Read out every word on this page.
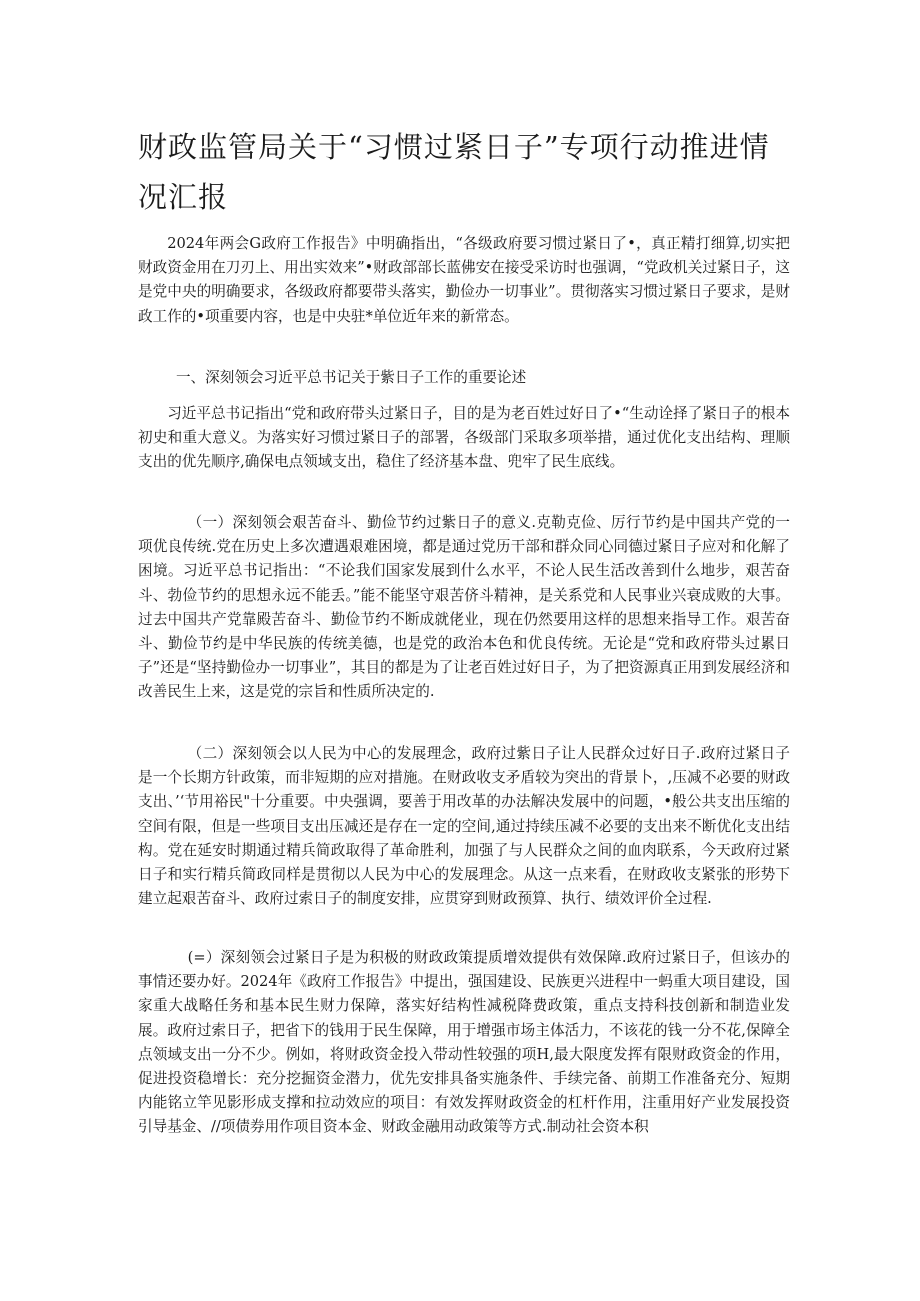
财政监管局关于“习惯过紧日子”专项行动推进情况汇报

2024年两会G政府工作报告》中明确指出，“各级政府要习惯过紧日了•，真正精打细算,切实把财政资金用在刀刃上、用出实效来”•财政部部长蓝佛安在接受采访时也强调，“党政机关过紧日子，这是党中央的明确要求，各级政府都要带头落实，勤俭办一切事业”。贯彻落实习惯过紧日子要求，是财政工作的•项重要内容，也是中央驻*单位近年来的新常态。

一、深刻领会习近平总书记关于紫日子工作的重要论述

习近平总书记指出“党和政府带头过紧日子，目的是为老百姓过好日了•“生动诠择了紧日子的根本初史和重大意义。为落实好习惯过紧日子的部署，各级部门采取多项举措，通过优化支出结构、理顺支出的优先顺序,确保电点领域支出，稳住了经济基本盘、兜牢了民生底线。

（一）深刻领会艰苦奋斗、勤俭节约过紫日子的意义.克勒克俭、厉行节约是中国共产党的一项优良传统.党在历史上多次遭遇艰难困境，都是通过党历干部和群众同心同德过紧日子应对和化解了困境。习近平总书记指出：“不论我们国家发展到什么水平，不论人民生活改善到什么地步，艰苦奋斗、勃俭节约的思想永远不能丢。”能不能坚守艰苦侪斗精神，是关系党和人民事业兴衰成败的大事。过去中国共产党靠殿苦奋斗、勤俭节约不断成就佬业，现在仍然要用这样的思想来指导工作。艰苦奋斗、勤俭节约是中华民族的传统美德，也是党的政治本色和优良传统。无论是“党和政府带头过累日子”还是“坚持勤俭办一切事业”，其目的都是为了让老百姓过好日子，为了把资源真正用到发展经济和改善民生上来，这是党的宗旨和性质所决定的.

（二）深刻领会以人民为中心的发展理念，政府过紫日子让人民群众过好日子.政府过紧日子是一个长期方针政策，而非短期的应对措施。在财政收支矛盾较为突出的背景卜，,压减不必要的财政支出、’‘节用裕民"十分重要。中央强调，要善于用改革的办法解决发展中的问题，•般公共支出压缩的空间有限，但是一些项目支出压减还是存在一定的空间,通过持续压减不必要的支出来不断优化支出结构。党在延安时期通过精兵简政取得了革命胜利，加强了与人民群众之间的血肉联系，今天政府过紧日子和实行精兵简政同样是贯彻以人民为中心的发展理念。从这一点来看，在财政收支紧张的形势下建立起艰苦奋斗、政府过索日子的制度安排，应贯穿到财政预算、执行、绩效评价全过程.

(=）深刻领会过紧日子是为积极的财政政策提质增效提供有效保障.政府过紧日子，但该办的事情还要办好。2024年《政府工作报告》中提出，强国建设、民族更兴进程中一蚂重大项目建设，国家重大战略任务和基本民生财力保障，落实好结构性减税降费政策，重点支持科技创新和制造业发展。政府过索日子，把省下的钱用于民生保障，用于增强市场主体活力，不该花的钱一分不花,保障全点领域支出一分不少。例如，将财政资金投入带动性较强的项H,最大限度发挥有限财政资金的作用，促进投资稳增长：充分挖掘资金潜力，优先安排具备实施条件、手续完备、前期工作准备充分、短期内能铭立竿见影形成支撑和拉动效应的项目：有效发挥财政资金的杠杆作用，注重用好产业发展投资引导基金、//项债券用作项目资本金、财政金融用动政策等方式.制动社会资本积
